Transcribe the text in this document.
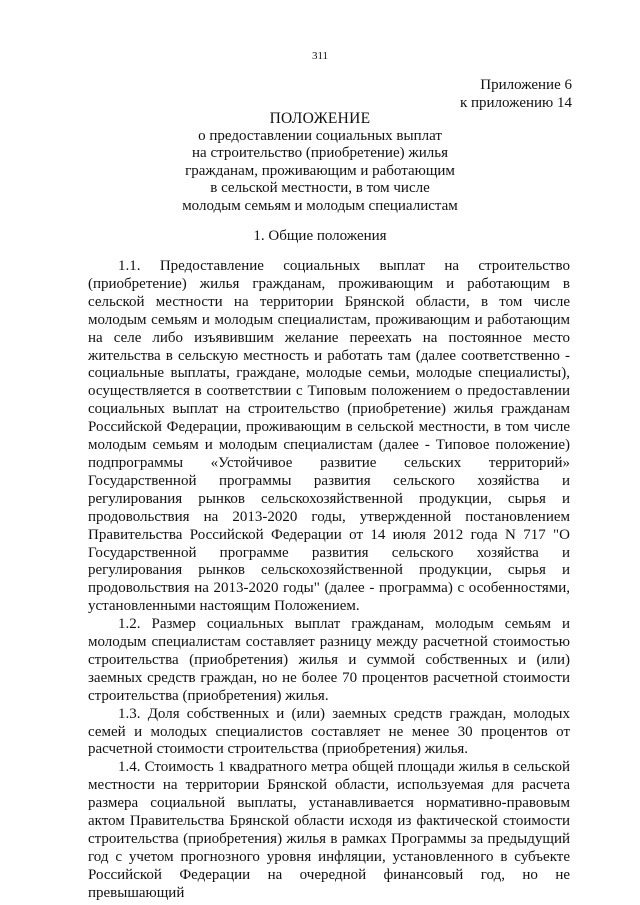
311
Приложение 6
к приложению 14
ПОЛОЖЕНИЕ
о предоставлении социальных выплат
на строительство (приобретение) жилья
гражданам, проживающим и работающим
в сельской местности, в том числе
молодым семьям и молодым специалистам
1. Общие положения

1.1. Предоставление социальных выплат на строительство (приобретение) жилья гражданам, проживающим и работающим в сельской местности на территории Брянской области, в том числе молодым семьям и молодым специалистам, проживающим и работающим на селе либо изъявившим желание переехать на постоянное место жительства в сельскую местность и работать там (далее соответственно - социальные выплаты, граждане, молодые семьи, молодые специалисты), осуществляется в соответствии с Типовым положением о предоставлении социальных выплат на строительство (приобретение) жилья гражданам Российской Федерации, проживающим в сельской местности, в том числе молодым семьям и молодым специалистам (далее - Типовое положение) подпрограммы «Устойчивое развитие сельских территорий» Государственной программы развития сельского хозяйства и регулирования рынков сельскохозяйственной продукции, сырья и продовольствия на 2013-2020 годы, утвержденной постановлением Правительства Российской Федерации от 14 июля 2012 года N 717 "О Государственной программе развития сельского хозяйства и регулирования рынков сельскохозяйственной продукции, сырья и продовольствия на 2013-2020 годы" (далее - программа) с особенностями, установленными настоящим Положением.

1.2. Размер социальных выплат гражданам, молодым семьям и молодым специалистам составляет разницу между расчетной стоимостью строительства (приобретения) жилья и суммой собственных и (или) заемных средств граждан, но не более 70 процентов расчетной стоимости строительства (приобретения) жилья.

1.3. Доля собственных и (или) заемных средств граждан, молодых семей и молодых специалистов составляет не менее 30 процентов от расчетной стоимости строительства (приобретения) жилья.

1.4. Стоимость 1 квадратного метра общей площади жилья в сельской местности на территории Брянской области, используемая для расчета размера социальной выплаты, устанавливается нормативно-правовым актом Правительства Брянской области исходя из фактической стоимости строительства (приобретения) жилья в рамках Программы за предыдущий год с учетом прогнозного уровня инфляции, установленного в субъекте Российской Федерации на очередной финансовый год, но не превышающий
